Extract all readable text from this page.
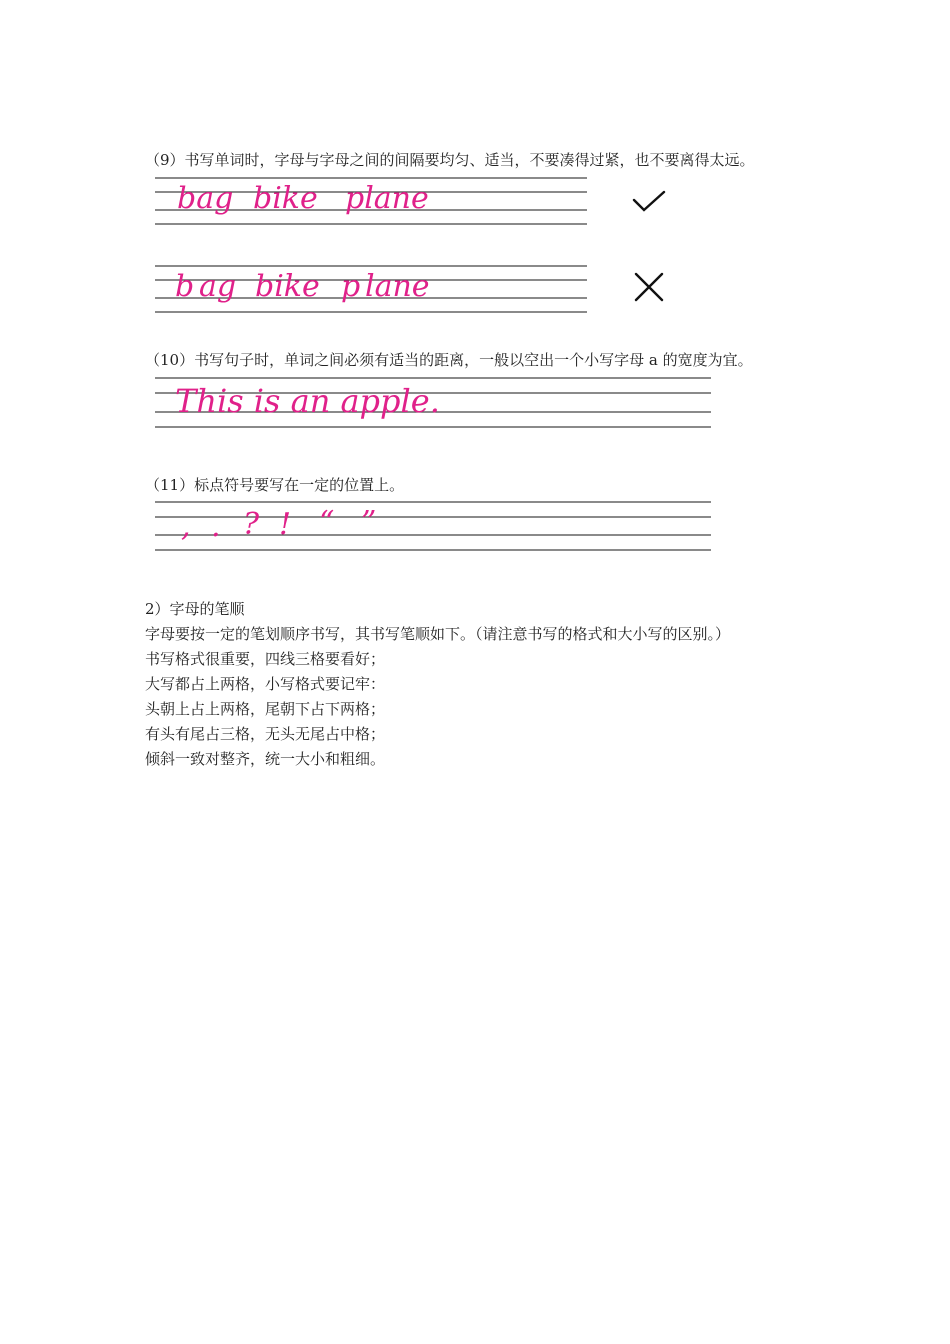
（9）书写单词时，字母与字母之间的间隔要均匀、适当，不要凑得过紧，也不要离得太远。
bag bike plane
b ag bike p lane
（10）书写句子时，单词之间必须有适当的距离，一般以空出一个小写字母 a 的宽度为宜。
This is an apple.
（11）标点符号要写在一定的位置上。
, . ? ! “ ”
2）字母的笔顺
字母要按一定的笔划顺序书写，其书写笔顺如下。（请注意书写的格式和大小写的区别。）
书写格式很重要，四线三格要看好；
大写都占上两格，小写格式要记牢：
头朝上占上两格，尾朝下占下两格；
有头有尾占三格，无头无尾占中格；
倾斜一致对整齐，统一大小和粗细。
